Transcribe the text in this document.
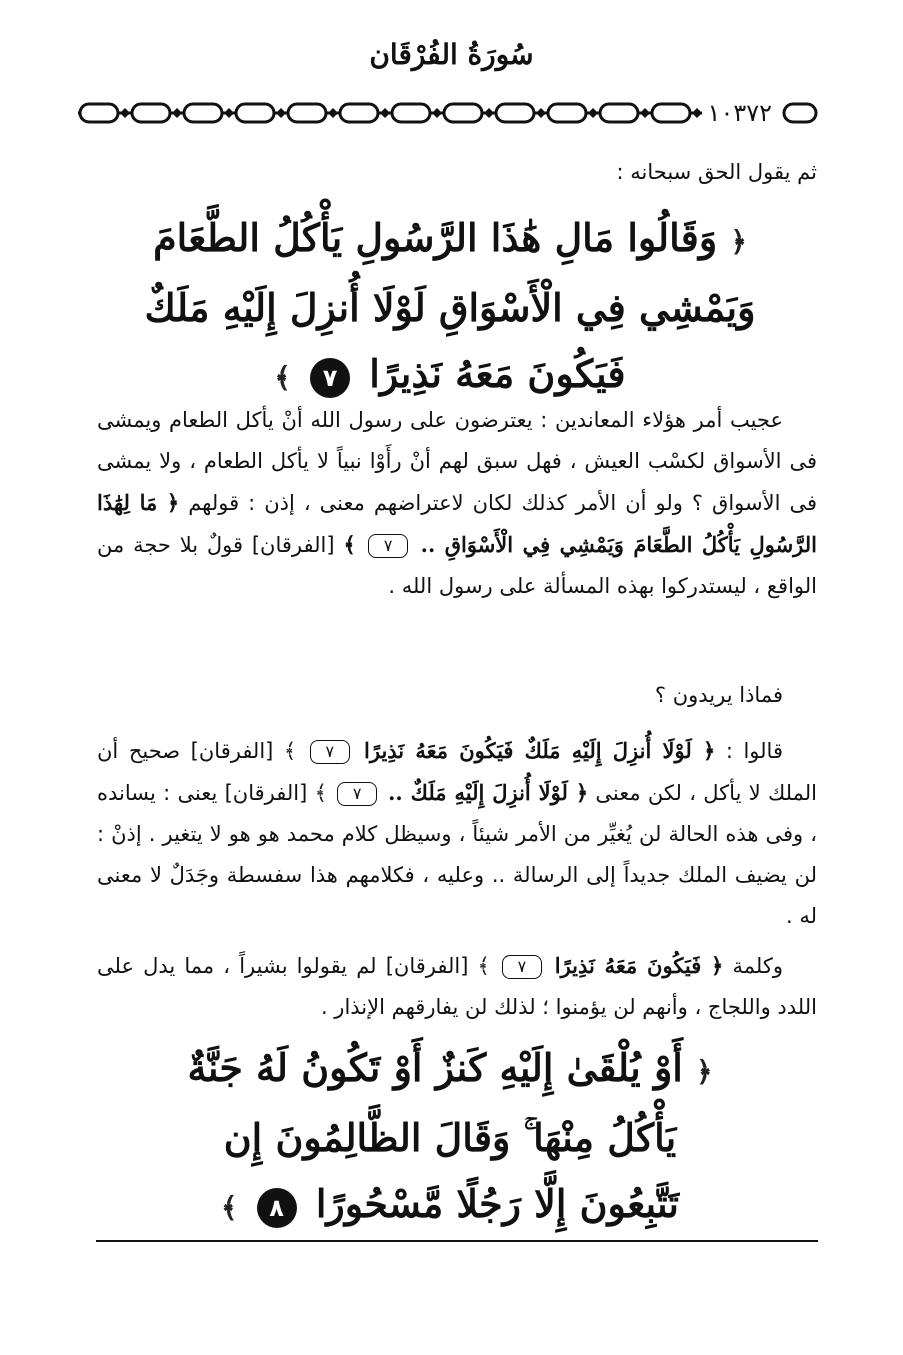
سُورَةُ الفُرْقَان
١٠٣٧٢
ثم يقول الحق سبحانه :
﴿ وَقَالُوا مَالِ هَٰذَا الرَّسُولِ يَأْكُلُ الطَّعَامَ
وَيَمْشِي فِي الْأَسْوَاقِ لَوْلَا أُنزِلَ إِلَيْهِ مَلَكٌ
فَيَكُونَ مَعَهُ نَذِيرًا ٧ ﴾
عجيب أمر هؤلاء المعاندين : يعترضون على رسول الله أنْ يأكل الطعام ويمشى فى الأسواق لكسْب العيش ، فهل سبق لهم أنْ رأَوْا نبياً لا يأكل الطعام ، ولا يمشى فى الأسواق ؟ ولو أن الأمر كذلك لكان لاعتراضهم معنى ، إذن : قولهم ﴿ مَا لِهَٰذَا الرَّسُولِ يَأْكُلُ الطَّعَامَ وَيَمْشِي فِي الْأَسْوَاقِ .. ٧ ﴾ [الفرقان] قولٌ بلا حجة من الواقع ، ليستدركوا بهذه المسألة على رسول الله .
فماذا يريدون ؟
قالوا : ﴿ لَوْلَا أُنزِلَ إِلَيْهِ مَلَكٌ فَيَكُونَ مَعَهُ نَذِيرًا ٧ ﴾ [الفرقان] صحيح أن الملك لا يأكل ، لكن معنى ﴿ لَوْلَا أُنزِلَ إِلَيْهِ مَلَكٌ .. ٧ ﴾ [الفرقان] يعنى : يسانده ، وفى هذه الحالة لن يُغيِّر من الأمر شيئاً ، وسيظل كلام محمد هو هو لا يتغير . إذنْ : لن يضيف الملك جديداً إلى الرسالة .. وعليه ، فكلامهم هذا سفسطة وجَدَلٌ لا معنى له .
وكلمة ﴿ فَيَكُونَ مَعَهُ نَذِيرًا ٧ ﴾ [الفرقان] لم يقولوا بشيراً ، مما يدل على اللدد واللجاج ، وأنهم لن يؤمنوا ؛ لذلك لن يفارقهم الإنذار .
﴿ أَوْ يُلْقَىٰ إِلَيْهِ كَنزٌ أَوْ تَكُونُ لَهُ جَنَّةٌ
يَأْكُلُ مِنْهَا ۚ وَقَالَ الظَّالِمُونَ إِن
تَتَّبِعُونَ إِلَّا رَجُلًا مَّسْحُورًا ٨ ﴾
